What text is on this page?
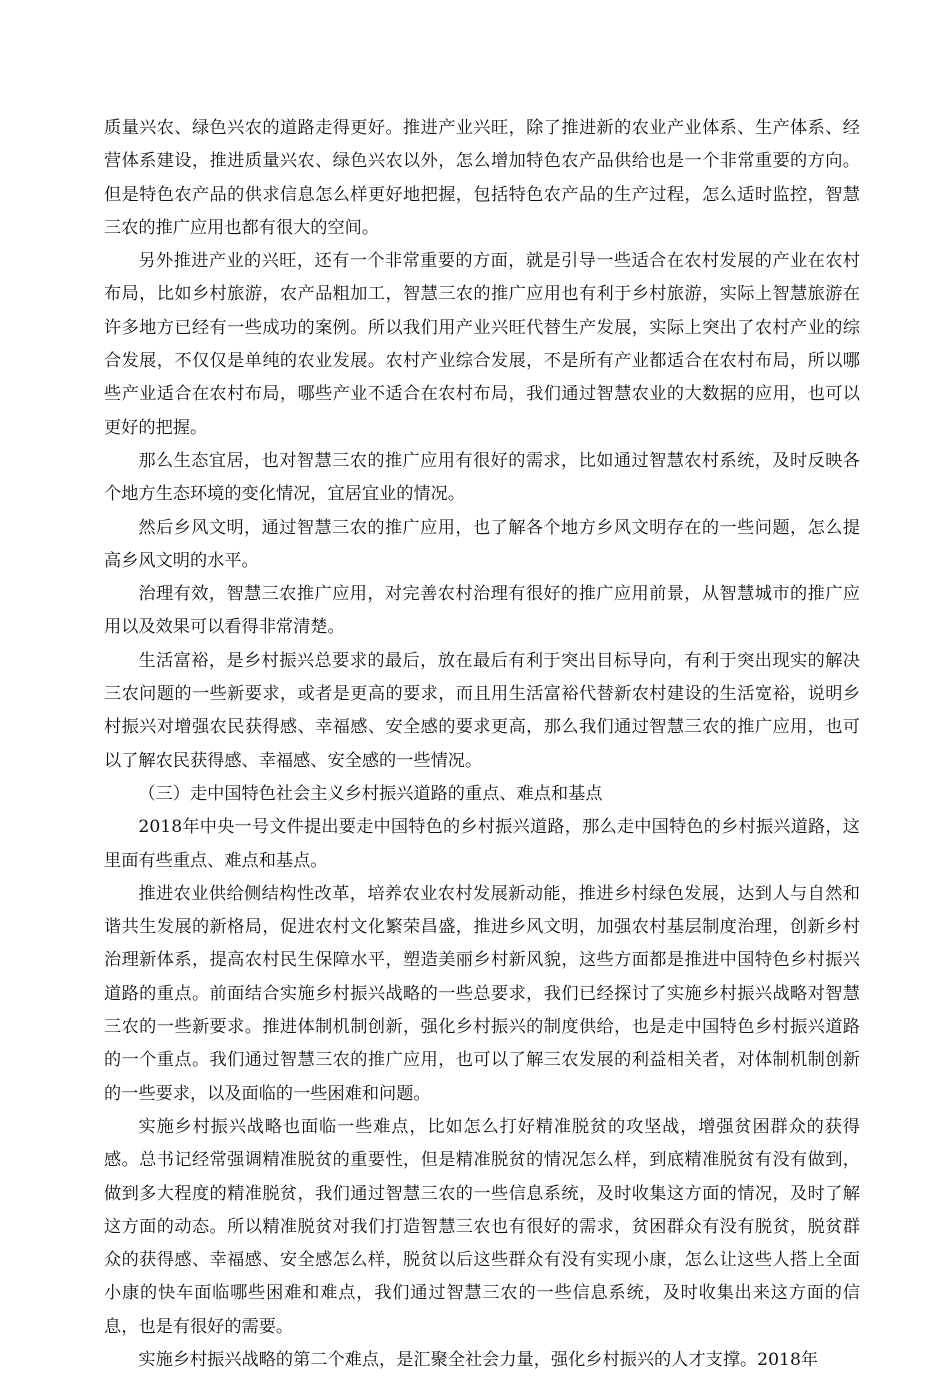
质量兴农、绿色兴农的道路走得更好。推进产业兴旺，除了推进新的农业产业体系、生产体系、经营体系建设，推进质量兴农、绿色兴农以外，怎么增加特色农产品供给也是一个非常重要的方向。但是特色农产品的供求信息怎么样更好地把握，包括特色农产品的生产过程，怎么适时监控，智慧三农的推广应用也都有很大的空间。

另外推进产业的兴旺，还有一个非常重要的方面，就是引导一些适合在农村发展的产业在农村布局，比如乡村旅游，农产品粗加工，智慧三农的推广应用也有利于乡村旅游，实际上智慧旅游在许多地方已经有一些成功的案例。所以我们用产业兴旺代替生产发展，实际上突出了农村产业的综合发展，不仅仅是单纯的农业发展。农村产业综合发展，不是所有产业都适合在农村布局，所以哪些产业适合在农村布局，哪些产业不适合在农村布局，我们通过智慧农业的大数据的应用，也可以更好的把握。

那么生态宜居，也对智慧三农的推广应用有很好的需求，比如通过智慧农村系统，及时反映各个地方生态环境的变化情况，宜居宜业的情况。

然后乡风文明，通过智慧三农的推广应用，也了解各个地方乡风文明存在的一些问题，怎么提高乡风文明的水平。

治理有效，智慧三农推广应用，对完善农村治理有很好的推广应用前景，从智慧城市的推广应用以及效果可以看得非常清楚。

生活富裕，是乡村振兴总要求的最后，放在最后有利于突出目标导向，有利于突出现实的解决三农问题的一些新要求，或者是更高的要求，而且用生活富裕代替新农村建设的生活宽裕，说明乡村振兴对增强农民获得感、幸福感、安全感的要求更高，那么我们通过智慧三农的推广应用，也可以了解农民获得感、幸福感、安全感的一些情况。

（三）走中国特色社会主义乡村振兴道路的重点、难点和基点

2018年中央一号文件提出要走中国特色的乡村振兴道路，那么走中国特色的乡村振兴道路，这里面有些重点、难点和基点。

推进农业供给侧结构性改革，培养农业农村发展新动能，推进乡村绿色发展，达到人与自然和谐共生发展的新格局，促进农村文化繁荣昌盛，推进乡风文明，加强农村基层制度治理，创新乡村治理新体系，提高农村民生保障水平，塑造美丽乡村新风貌，这些方面都是推进中国特色乡村振兴道路的重点。前面结合实施乡村振兴战略的一些总要求，我们已经探讨了实施乡村振兴战略对智慧三农的一些新要求。推进体制机制创新，强化乡村振兴的制度供给，也是走中国特色乡村振兴道路的一个重点。我们通过智慧三农的推广应用，也可以了解三农发展的利益相关者，对体制机制创新的一些要求，以及面临的一些困难和问题。

实施乡村振兴战略也面临一些难点，比如怎么打好精准脱贫的攻坚战，增强贫困群众的获得感。总书记经常强调精准脱贫的重要性，但是精准脱贫的情况怎么样，到底精准脱贫有没有做到，做到多大程度的精准脱贫，我们通过智慧三农的一些信息系统，及时收集这方面的情况，及时了解这方面的动态。所以精准脱贫对我们打造智慧三农也有很好的需求，贫困群众有没有脱贫，脱贫群众的获得感、幸福感、安全感怎么样，脱贫以后这些群众有没有实现小康，怎么让这些人搭上全面小康的快车面临哪些困难和难点，我们通过智慧三农的一些信息系统，及时收集出来这方面的信息，也是有很好的需要。

实施乡村振兴战略的第二个难点，是汇聚全社会力量，强化乡村振兴的人才支撑。2018年
